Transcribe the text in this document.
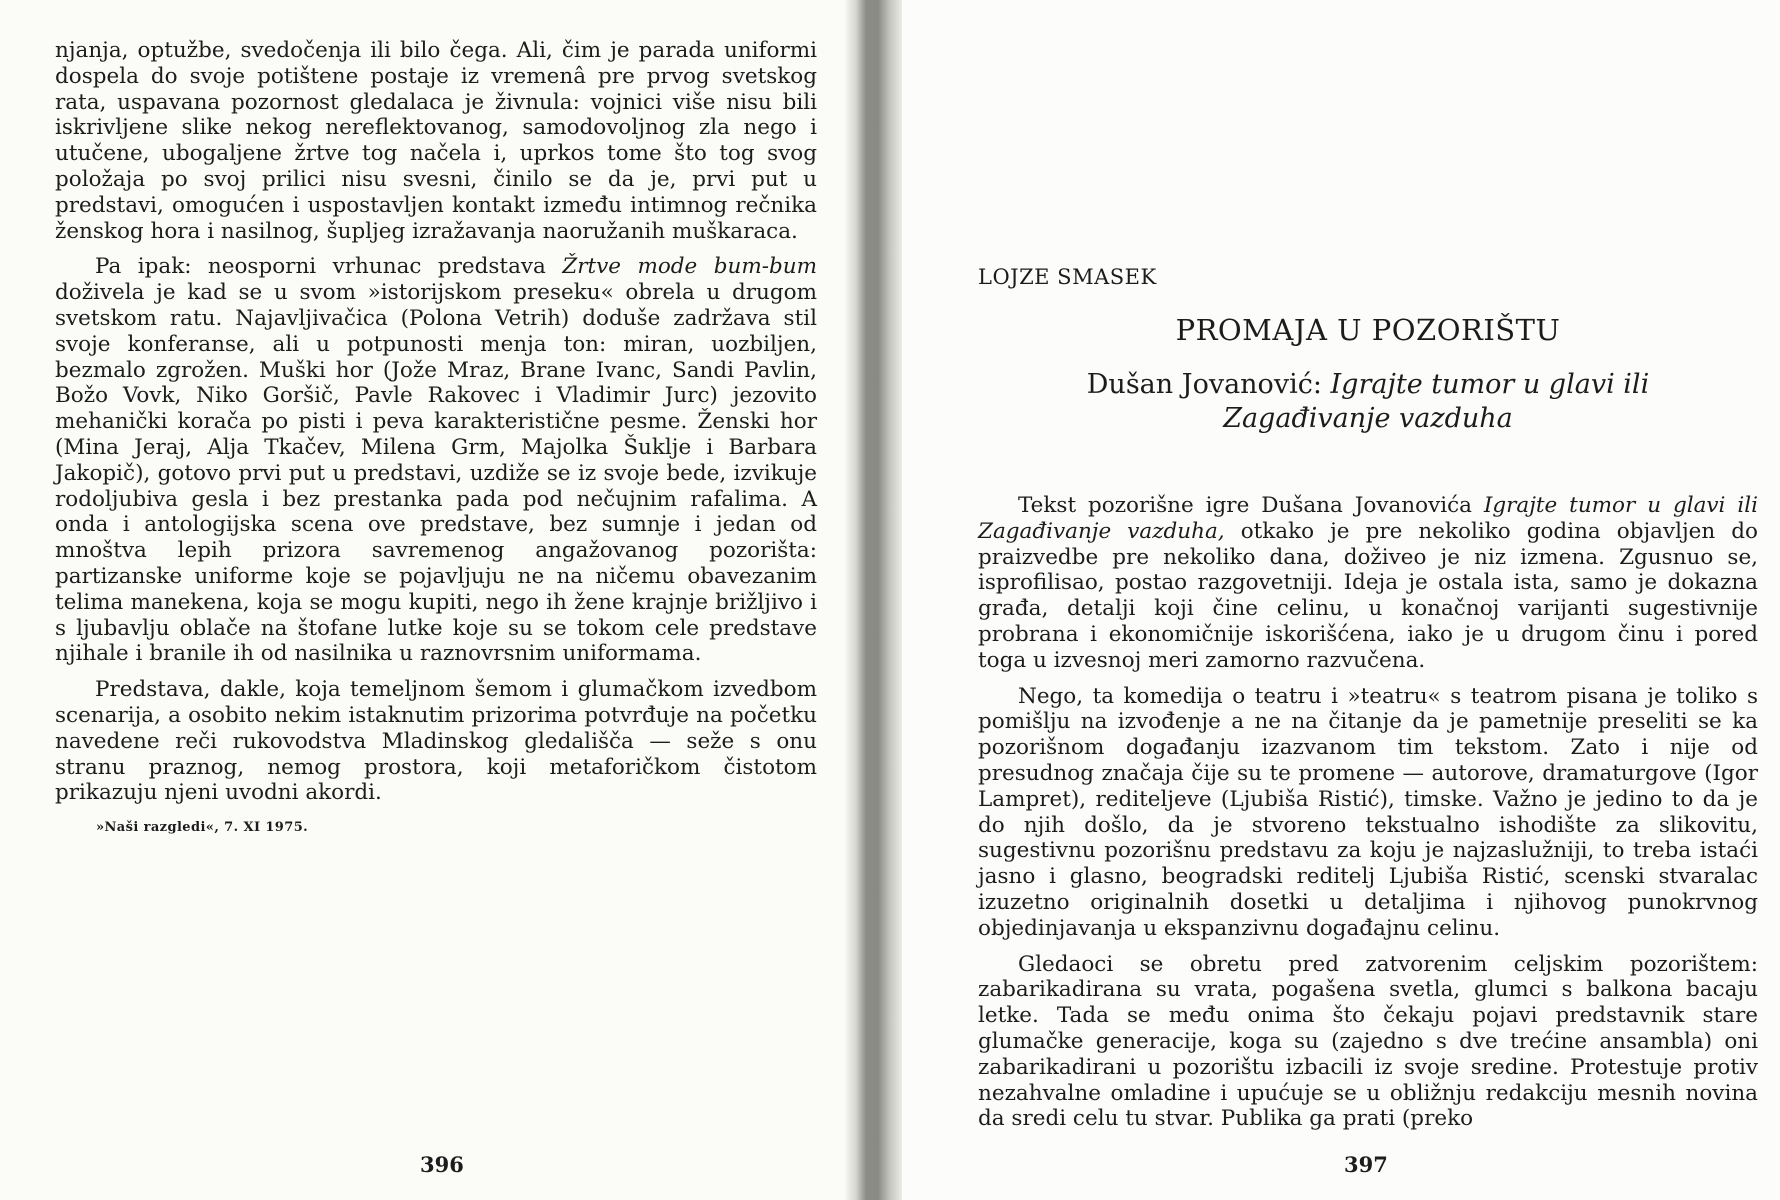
njanja, optužbe, svedočenja ili bilo čega. Ali, čim je parada uniformi dospela do svoje potištene postaje iz vremenâ pre prvog svetskog rata, uspavana pozornost gledalaca je živnula: vojnici više nisu bili iskrivljene slike nekog nereflektovanog, samodovoljnog zla nego i utučene, ubogaljene žrtve tog načela i, uprkos tome što tog svog položaja po svoj prilici nisu svesni, činilo se da je, prvi put u predstavi, omogućen i uspostavljen kontakt između intimnog rečnika ženskog hora i nasilnog, šupljeg izražavanja naoružanih muškaraca.

Pa ipak: neosporni vrhunac predstava Žrtve mode bum-bum doživela je kad se u svom »istorijskom preseku« obrela u drugom svetskom ratu. Najavljivačica (Polona Vetrih) doduše zadržava stil svoje konferanse, ali u potpunosti menja ton: miran, uozbiljen, bezmalo zgrožen. Muški hor (Jože Mraz, Brane Ivanc, Sandi Pavlin, Božo Vovk, Niko Goršič, Pavle Rakovec i Vladimir Jurc) jezovito mehanički korača po pisti i peva karakteristične pesme. Ženski hor (Mina Jeraj, Alja Tkačev, Milena Grm, Majolka Šuklje i Barbara Jakopič), gotovo prvi put u predstavi, uzdiže se iz svoje bede, izvikuje rodoljubiva gesla i bez prestanka pada pod nečujnim rafalima. A onda i antologijska scena ove predstave, bez sumnje i jedan od mnoštva lepih prizora savremenog angažovanog pozorišta: partizanske uniforme koje se pojavljuju ne na ničemu obavezanim telima manekena, koja se mogu kupiti, nego ih žene krajnje brižljivo i s ljubavlju oblače na štofane lutke koje su se tokom cele predstave njihale i branile ih od nasilnika u raznovrsnim uniformama.

Predstava, dakle, koja temeljnom šemom i glumačkom izvedbom scenarija, a osobito nekim istaknutim prizorima potvrđuje na početku navedene reči rukovodstva Mladinskog gledališča — seže s onu stranu praznog, nemog prostora, koji metaforičkom čistotom prikazuju njeni uvodni akordi.

»Naši razgledi«, 7. XI 1975.
396
LOJZE SMASEK
PROMAJA U POZORIŠTU
Dušan Jovanović: Igrajte tumor u glavi ili
Zagađivanje vazduha

Tekst pozorišne igre Dušana Jovanovića Igrajte tumor u glavi ili Zagađivanje vazduha, otkako je pre nekoliko godina objavljen do praizvedbe pre nekoliko dana, doživeo je niz izmena. Zgusnuo se, isprofilisao, postao razgovetniji. Ideja je ostala ista, samo je dokazna građa, detalji koji čine celinu, u konačnoj varijanti sugestivnije probrana i ekonomičnije iskorišćena, iako je u drugom činu i pored toga u izvesnoj meri zamorno razvučena.

Nego, ta komedija o teatru i »teatru« s teatrom pisana je toliko s pomišlju na izvođenje a ne na čitanje da je pametnije preseliti se ka pozorišnom događanju izazvanom tim tekstom. Zato i nije od presudnog značaja čije su te promene — autorove, dramaturgove (Igor Lampret), rediteljeve (Ljubiša Ristić), timske. Važno je jedino to da je do njih došlo, da je stvoreno tekstualno ishodište za slikovitu, sugestivnu pozorišnu predstavu za koju je najzaslužniji, to treba istaći jasno i glasno, beogradski reditelj Ljubiša Ristić, scenski stvaralac izuzetno originalnih dosetki u detaljima i njihovog punokrvnog objedinjavanja u ekspanzivnu događajnu celinu.

Gledaoci se obretu pred zatvorenim celjskim pozorištem: zabarikadirana su vrata, pogašena svetla, glumci s balkona bacaju letke. Tada se među onima što čekaju pojavi predstavnik stare glumačke generacije, koga su (zajedno s dve trećine ansambla) oni zabarikadirani u pozorištu izbacili iz svoje sredine. Protestuje protiv nezahvalne omladine i upućuje se u obližnju redakciju mesnih novina da sredi celu tu stvar. Publika ga prati (preko

397
